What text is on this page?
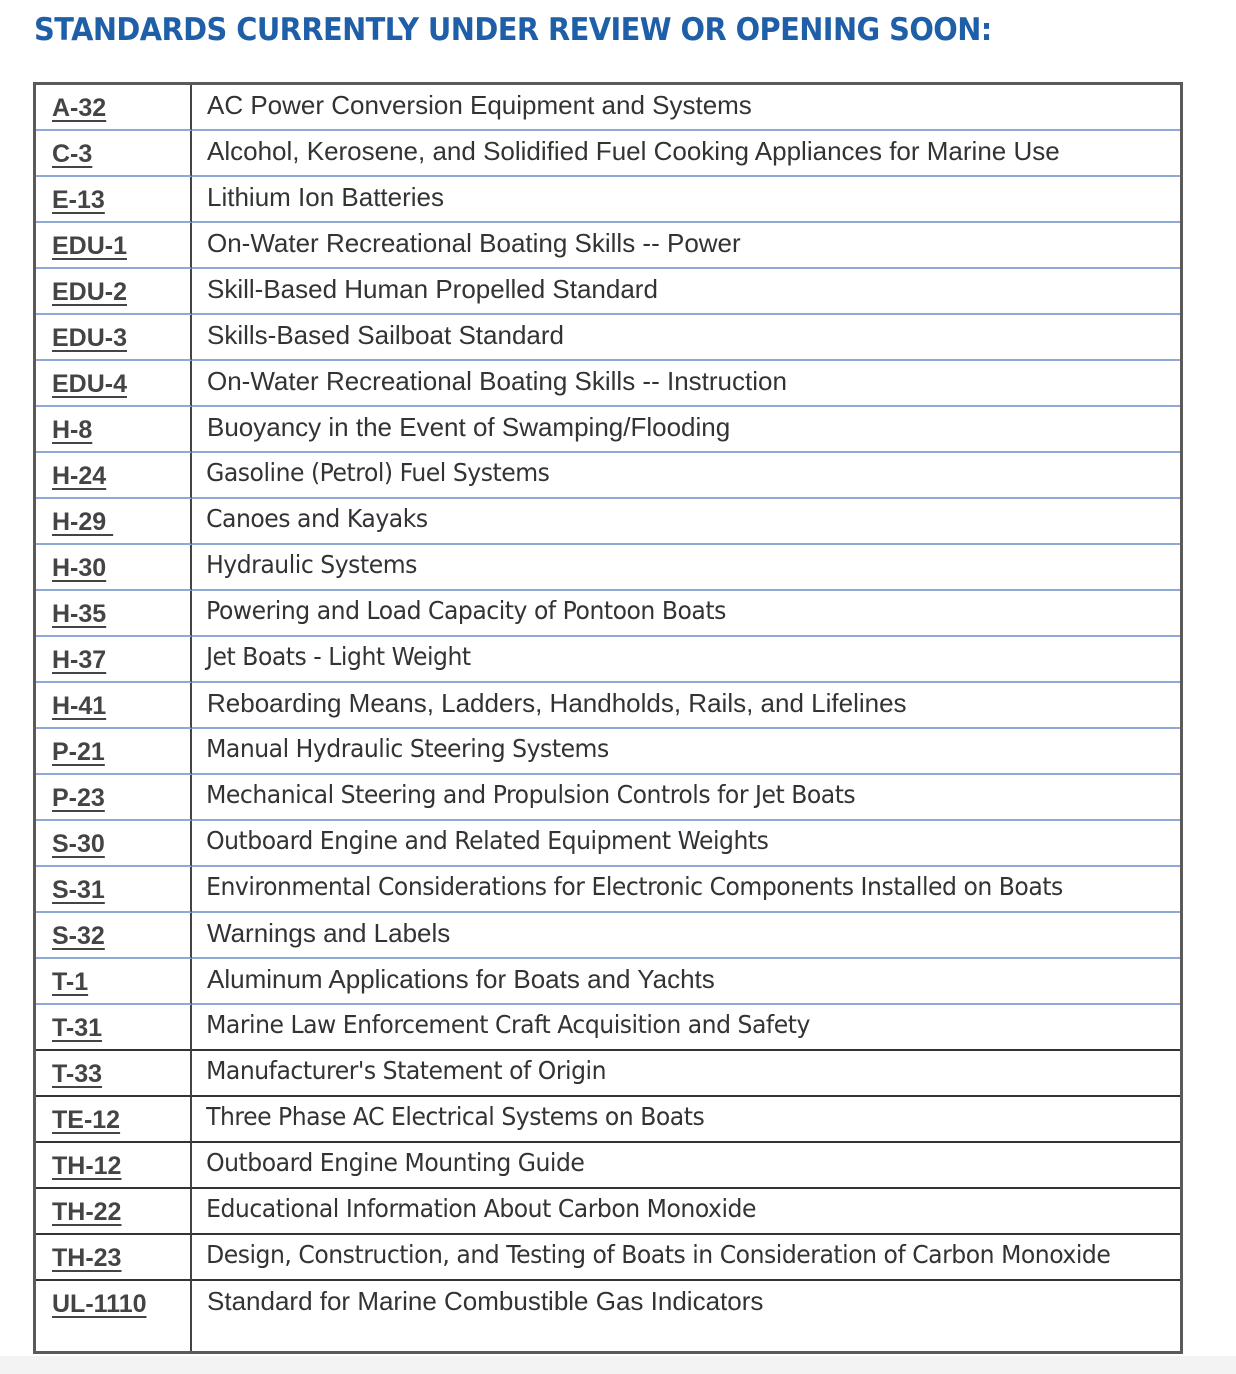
STANDARDS CURRENTLY UNDER REVIEW OR OPENING SOON:
A-32	AC Power Conversion Equipment and Systems

C-3	Alcohol, Kerosene, and Solidified Fuel Cooking Appliances for Marine Use

E-13	Lithium Ion Batteries

EDU-1	On-Water Recreational Boating Skills -- Power

EDU-2	Skill-Based Human Propelled Standard

EDU-3	Skills-Based Sailboat Standard

EDU-4	On-Water Recreational Boating Skills -- Instruction

H-8	Buoyancy in the Event of Swamping/Flooding

H-24	Gasoline (Petrol) Fuel Systems

H-29	Canoes and Kayaks

H-30	Hydraulic Systems

H-35	Powering and Load Capacity of Pontoon Boats

H-37	Jet Boats - Light Weight

H-41	Reboarding Means, Ladders, Handholds, Rails, and Lifelines

P-21	Manual Hydraulic Steering Systems

P-23	Mechanical Steering and Propulsion Controls for Jet Boats

S-30	Outboard Engine and Related Equipment Weights

S-31	Environmental Considerations for Electronic Components Installed on Boats

S-32	Warnings and Labels

T-1	Aluminum Applications for Boats and Yachts

T-31	Marine Law Enforcement Craft Acquisition and Safety

T-33	Manufacturer's Statement of Origin

TE-12	Three Phase AC Electrical Systems on Boats

TH-12	Outboard Engine Mounting Guide

TH-22	Educational Information About Carbon Monoxide

TH-23	Design, Construction, and Testing of Boats in Consideration of Carbon Monoxide

UL-1110	Standard for Marine Combustible Gas Indicators
